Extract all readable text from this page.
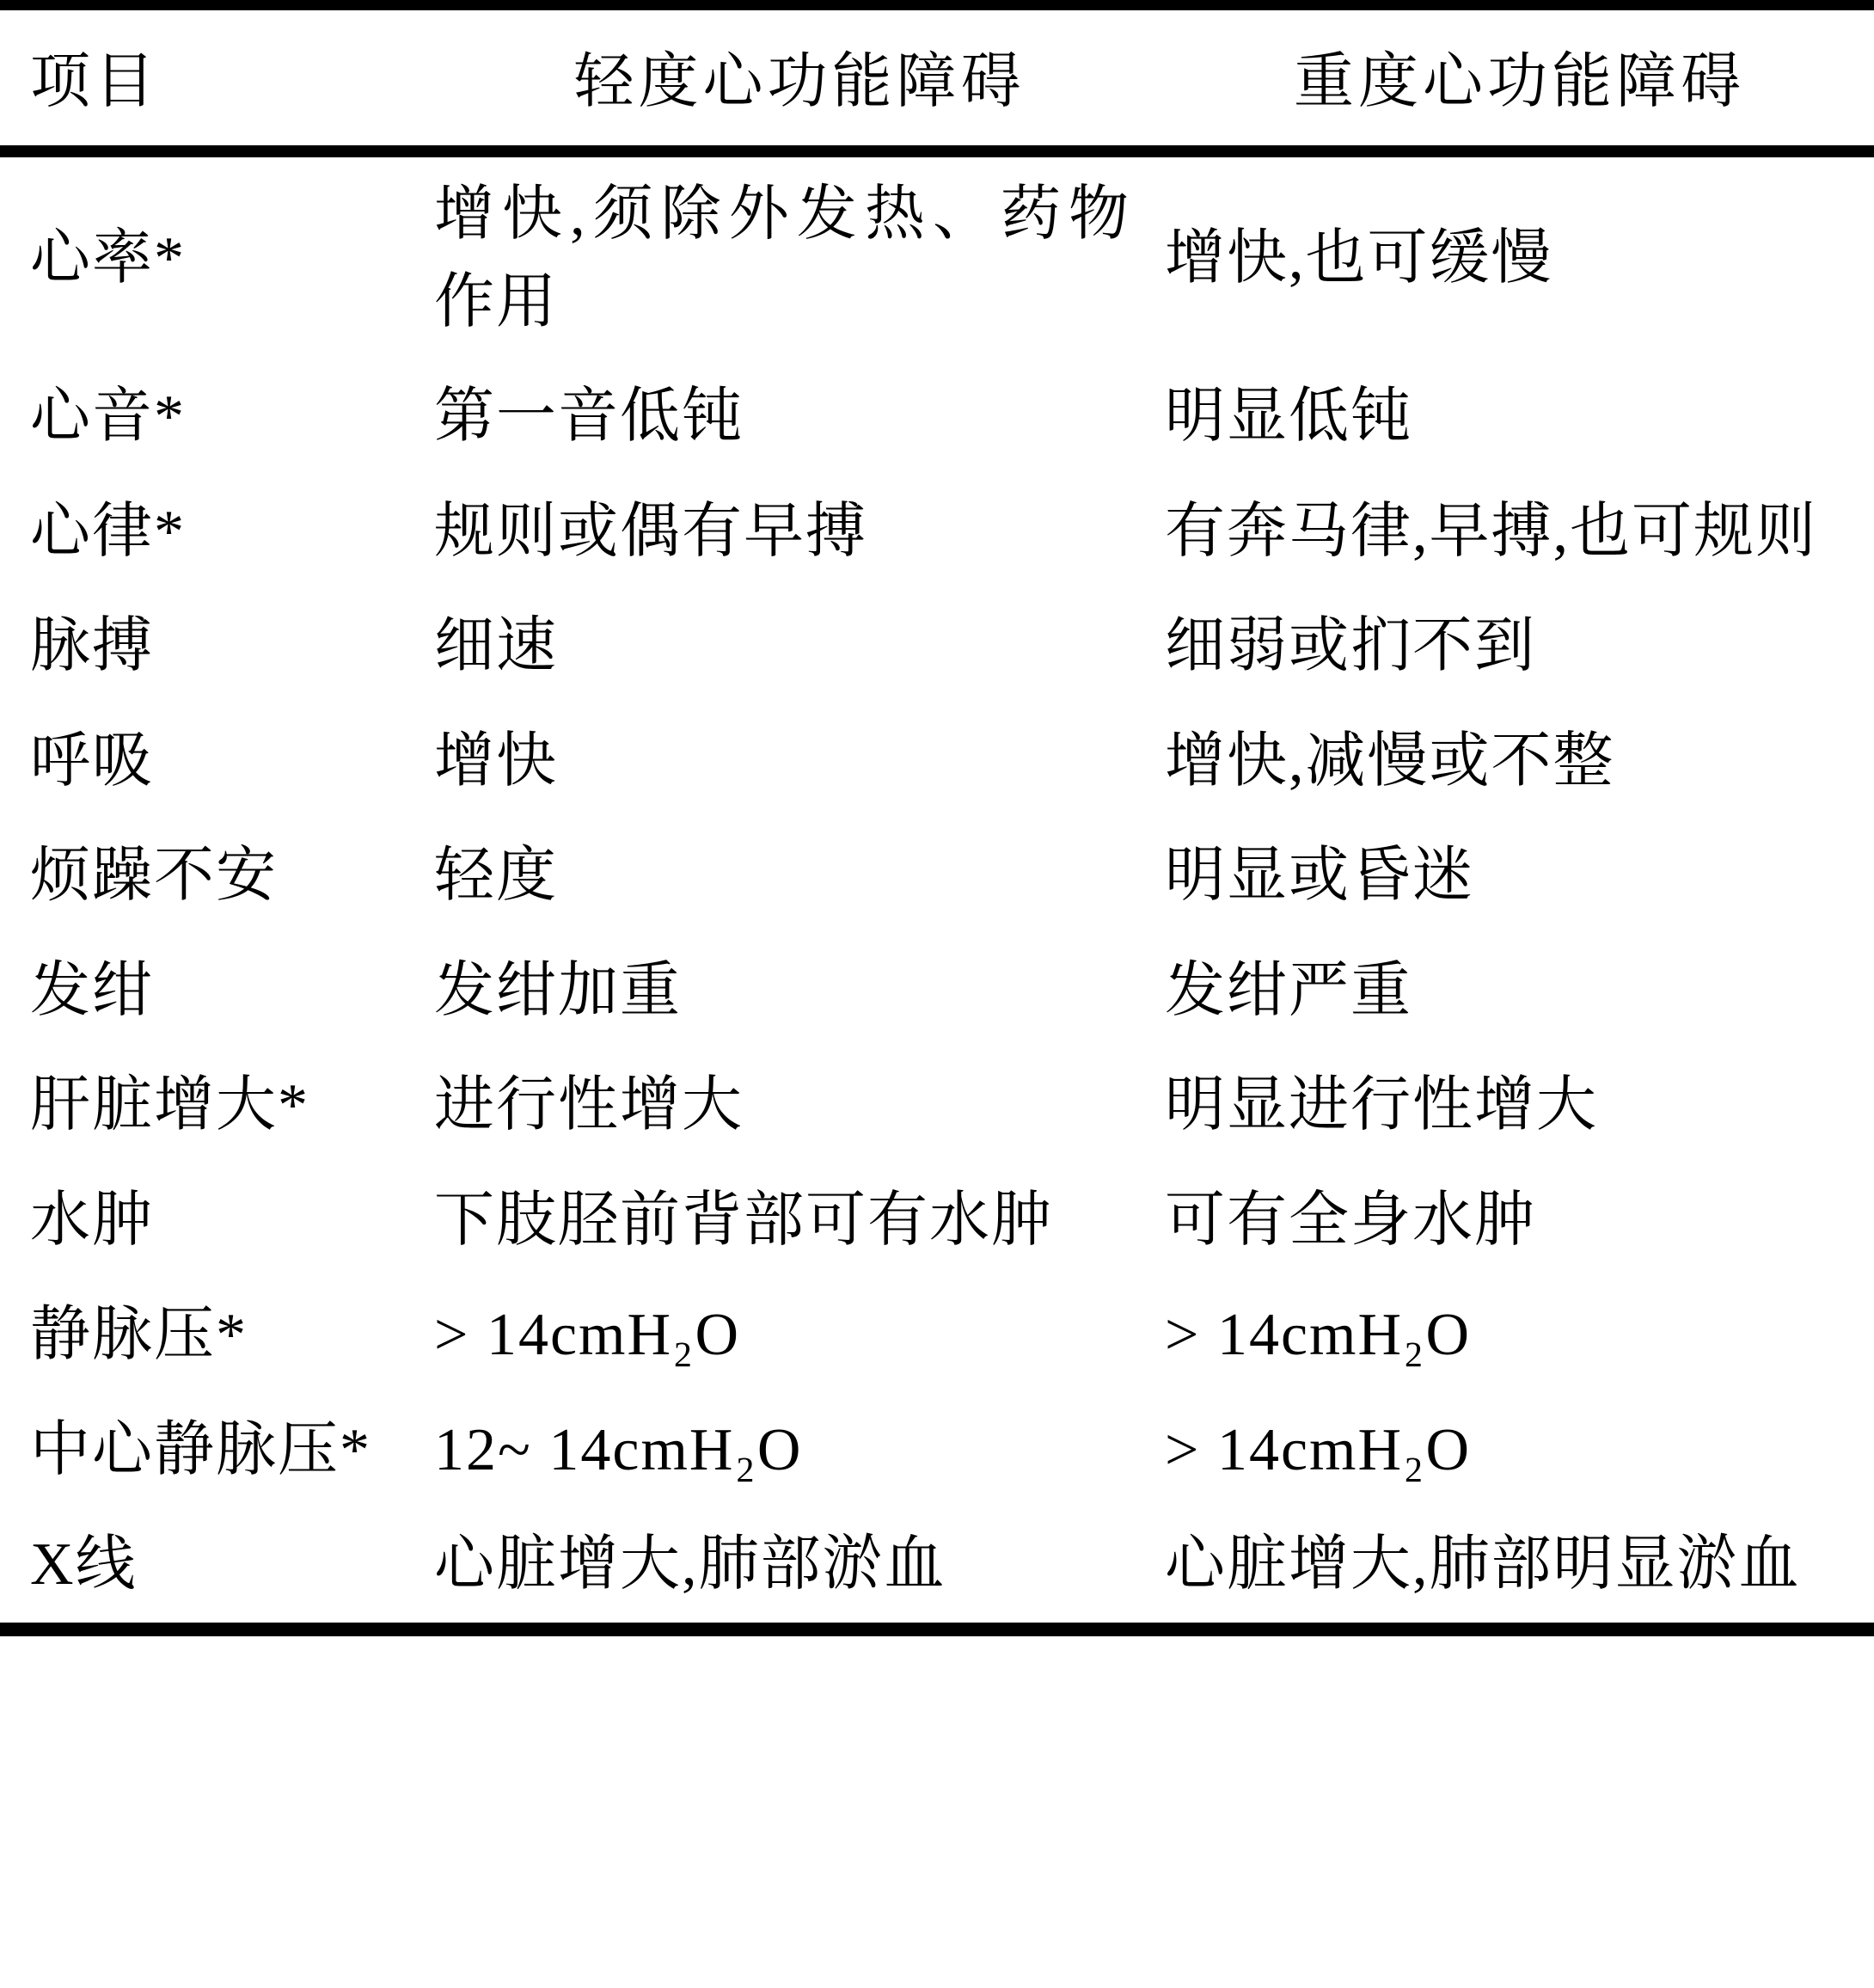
项目	轻度心功能障碍	重度心功能障碍
心率*	增快,须除外发热、药物作用	增快,也可缓慢
心音*	第一音低钝	明显低钝
心律*	规则或偶有早搏	有奔马律,早搏,也可规则
脉搏	细速	细弱或扪不到
呼吸	增快	增快,减慢或不整
烦躁不安	轻度	明显或昏迷
发绀	发绀加重	发绀严重
肝脏增大*	进行性增大	明显进行性增大
水肿	下肢胫前背部可有水肿	可有全身水肿
静脉压*	> 14cmH₂O	> 14cmH₂O
中心静脉压*	12~ 14cmH₂O	> 14cmH₂O
X线	心脏增大,肺部淤血	心脏增大,肺部明显淤血
